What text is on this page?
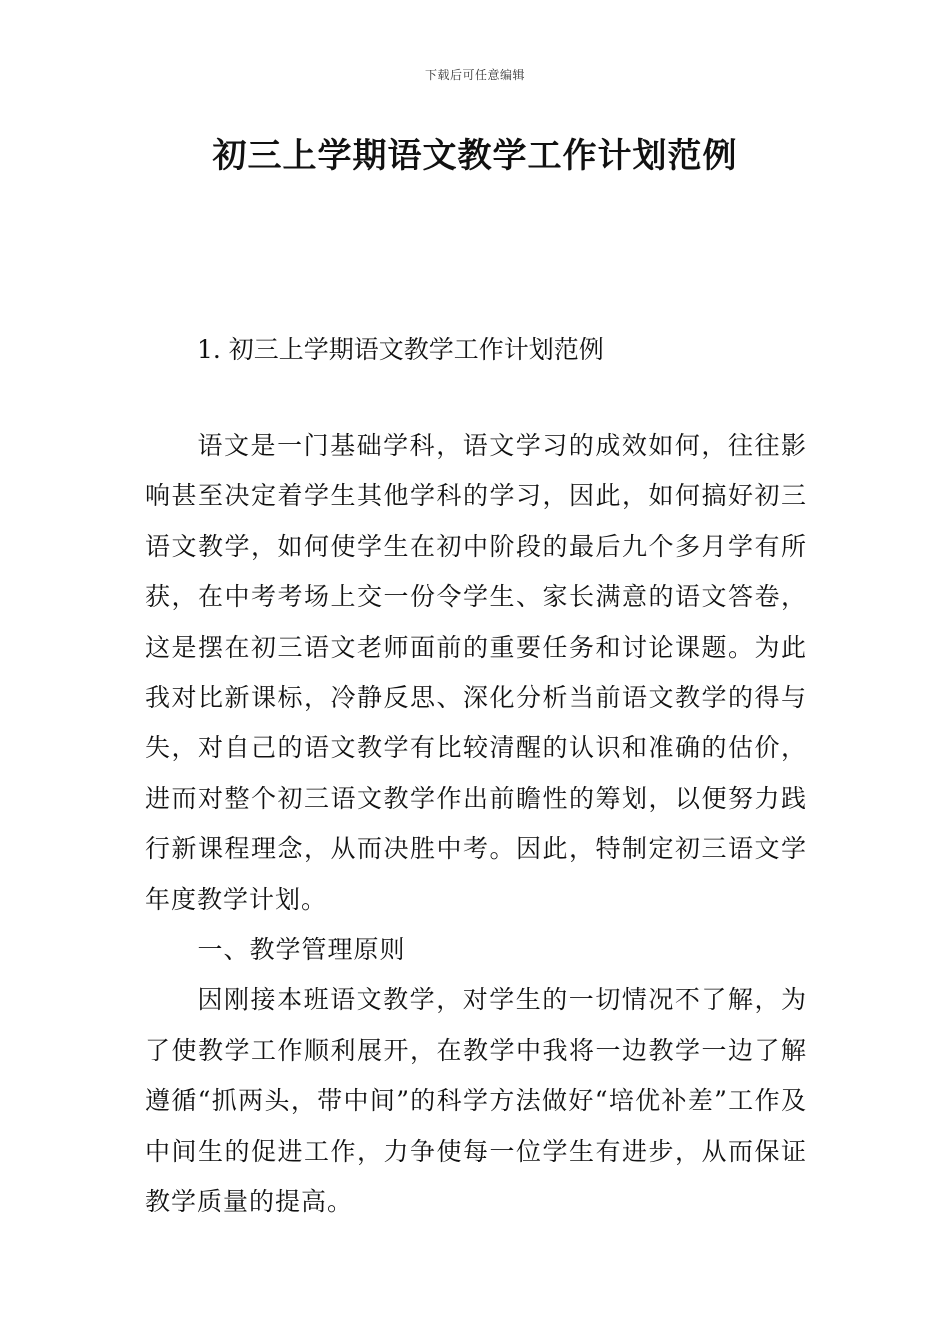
下载后可任意编辑
初三上学期语文教学工作计划范例
1. 初三上学期语文教学工作计划范例

语文是一门基础学科，语文学习的成效如何，往往影响甚至决定着学生其他学科的学习，因此，如何搞好初三语文教学，如何使学生在初中阶段的最后九个多月学有所获，在中考考场上交一份令学生、家长满意的语文答卷，这是摆在初三语文老师面前的重要任务和讨论课题。为此我对比新课标，冷静反思、深化分析当前语文教学的得与失，对自己的语文教学有比较清醒的认识和准确的估价，进而对整个初三语文教学作出前瞻性的筹划，以便努力践行新课程理念，从而决胜中考。因此，特制定初三语文学年度教学计划。

一、教学管理原则

因刚接本班语文教学，对学生的一切情况不了解，为了使教学工作顺利展开，在教学中我将一边教学一边了解遵循“抓两头，带中间”的科学方法做好“培优补差”工作及中间生的促进工作，力争使每一位学生有进步，从而保证教学质量的提高。
